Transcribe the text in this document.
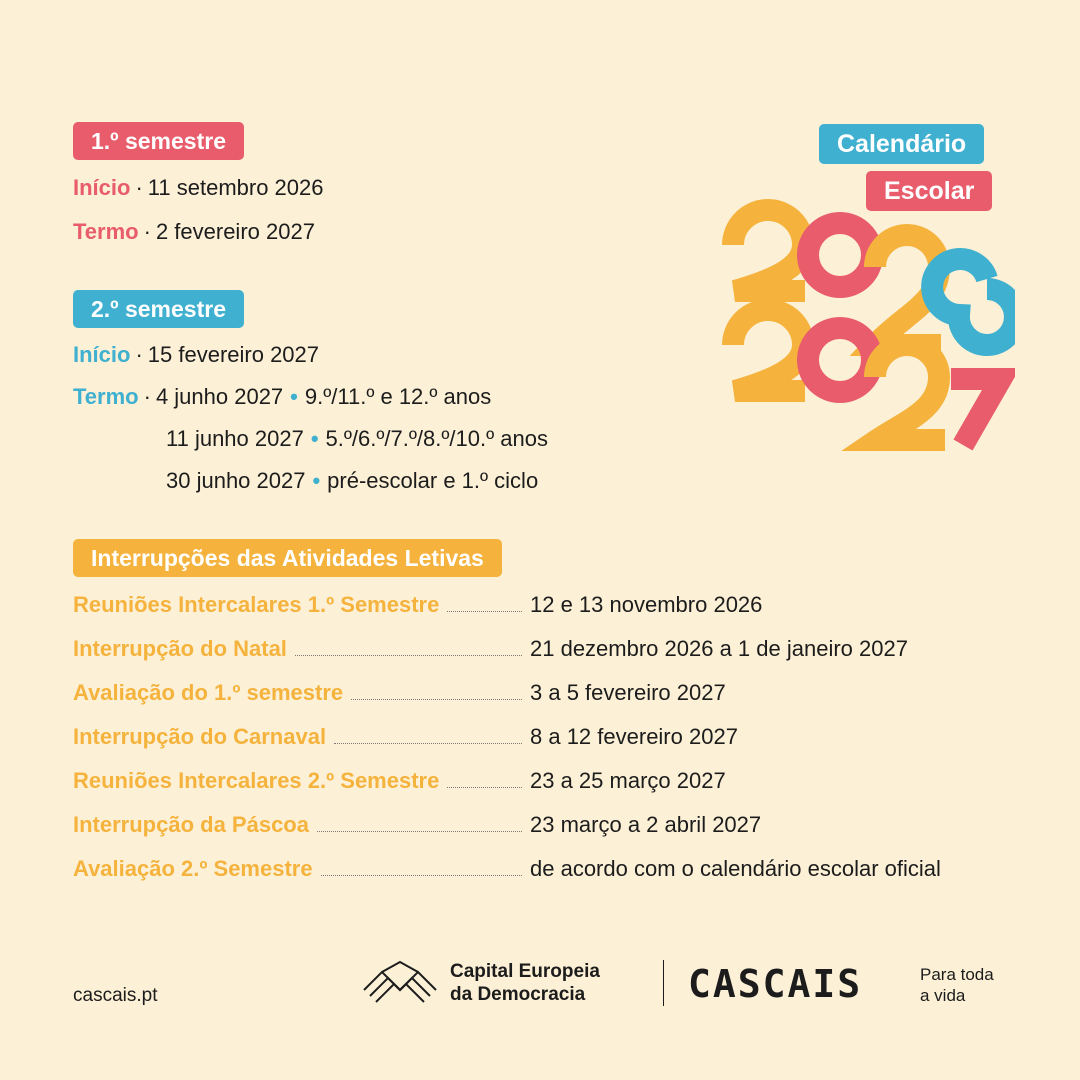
1.º semestre
Início · 11 setembro 2026
Termo · 2 fevereiro 2027
2.º semestre
Início · 15 fevereiro 2027
Termo · 4 junho 2027 • 9.º/11.º e 12.º anos
11 junho 2027 • 5.º/6.º/7.º/8.º/10.º anos
30 junho 2027 • pré-escolar e 1.º ciclo
Calendário
Escolar
Interrupções das Atividades Letivas
Reuniões Intercalares 1.º Semestre	12 e 13 novembro 2026
Interrupção do Natal	21 dezembro 2026 a 1 de janeiro 2027
Avaliação do 1.º semestre	3 a 5 fevereiro 2027
Interrupção do Carnaval	8 a 12 fevereiro 2027
Reuniões Intercalares 2.º Semestre	23 a 25 março 2027
Interrupção da Páscoa	23 março a 2 abril 2027
Avaliação 2.º Semestre	de acordo com o calendário escolar oficial
cascais.pt
Capital Europeia
da Democracia	CASCAIS	Para toda
a vida
